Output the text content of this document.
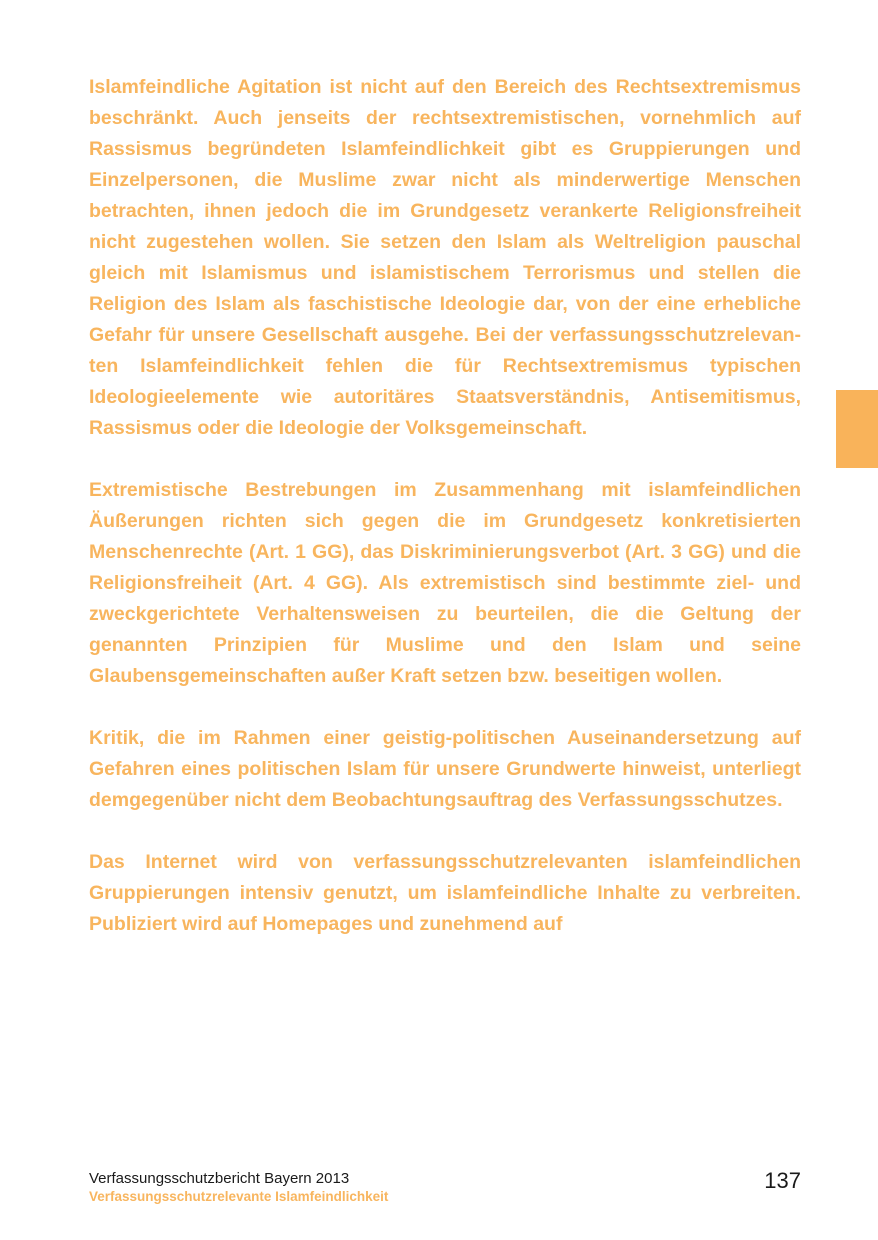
Islamfeindliche Agitation ist nicht auf den Bereich des Rechtsextremismus beschränkt. Auch jenseits der rechtsextremistischen, vornehmlich auf Rassismus begründeten Islamfeindlichkeit gibt es Gruppierungen und Einzelpersonen, die Muslime zwar nicht als minderwertige Menschen betrachten, ihnen jedoch die im Grundgesetz verankerte Religionsfreiheit nicht zugestehen wollen. Sie setzen den Islam als Weltreligion pauschal gleich mit Islamismus und islamistischem Terrorismus und stellen die Religion des Islam als faschistische Ideologie dar, von der eine erhebliche Gefahr für unsere Gesellschaft ausgehe. Bei der verfassungsschutzrelevanten Islamfeindlichkeit fehlen die für Rechtsextremismus typischen Ideologieelemente wie autoritäres Staatsverständnis, Antisemitismus, Rassismus oder die Ideologie der Volksgemeinschaft.

Extremistische Bestrebungen im Zusammenhang mit islamfeindlichen Äußerungen richten sich gegen die im Grundgesetz konkretisierten Menschenrechte (Art. 1 GG), das Diskriminierungsverbot (Art. 3 GG) und die Religionsfreiheit (Art. 4 GG). Als extremistisch sind bestimmte ziel- und zweckgerichtete Verhaltensweisen zu beurteilen, die die Geltung der genannten Prinzipien für Muslime und den Islam und seine Glaubensgemeinschaften außer Kraft setzen bzw. beseitigen wollen.

Kritik, die im Rahmen einer geistig-politischen Auseinandersetzung auf Gefahren eines politischen Islam für unsere Grundwerte hinweist, unterliegt demgegenüber nicht dem Beobachtungsauftrag des Verfassungsschutzes.

Das Internet wird von verfassungsschutzrelevanten islamfeindlichen Gruppierungen intensiv genutzt, um islamfeindliche Inhalte zu verbreiten. Publiziert wird auf Homepages und zunehmend auf

Verfassungsschutzbericht Bayern 2013
Verfassungsschutzrelevante Islamfeindlichkeit
137
